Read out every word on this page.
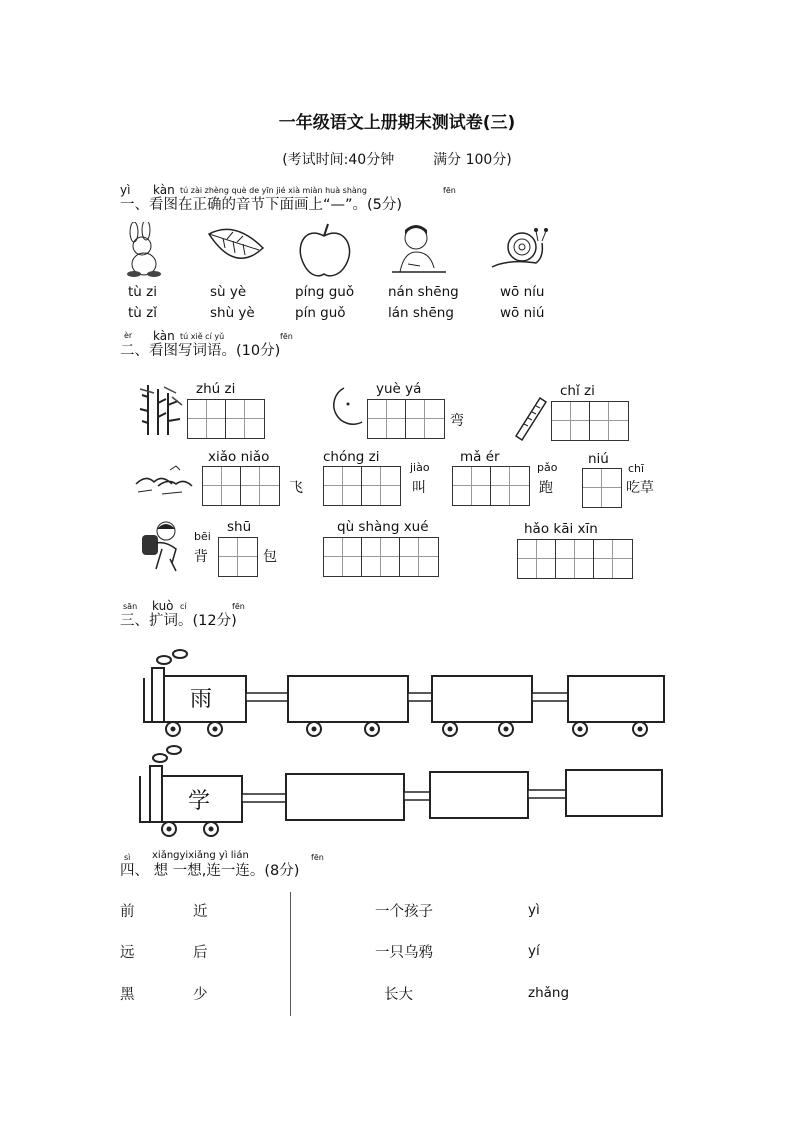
一年级语文上册期末测试卷(三)
(考试时间:40分钟	满分 100分)
yì kàn tú zài zhèng què de yīn jié xià miàn huà shàng	fēn
一、看图在正确的音节下面画上“—”。(5分)
tù zi
tù zǐ
sù yè
shù yè
píng guǒ
pín guǒ
nán shēng
lán shēng
wō níu
wō niú
èr kàn tú xiě cí yǔ	fēn
二、看图写词语。(10分)
zhú zi	yuè yá
弯
chǐ zi
xiǎo niǎo
飞
chóng zi
jiào
叫
mǎ ér
pǎo
跑
niú
chī
吃草
bēi
背
shū
包
qù shàng xué	hǎo kāi xīn
sān kuò cí	fēn
三、扩词。(12分)
雨
学
sì xiǎngyixiǎng yì lián	fēn
四、 想 一想,连一连。(8分)
前	近
远	后
黑	少
一个孩子	yì
一只乌鸦	yí
长大	zhǎng
